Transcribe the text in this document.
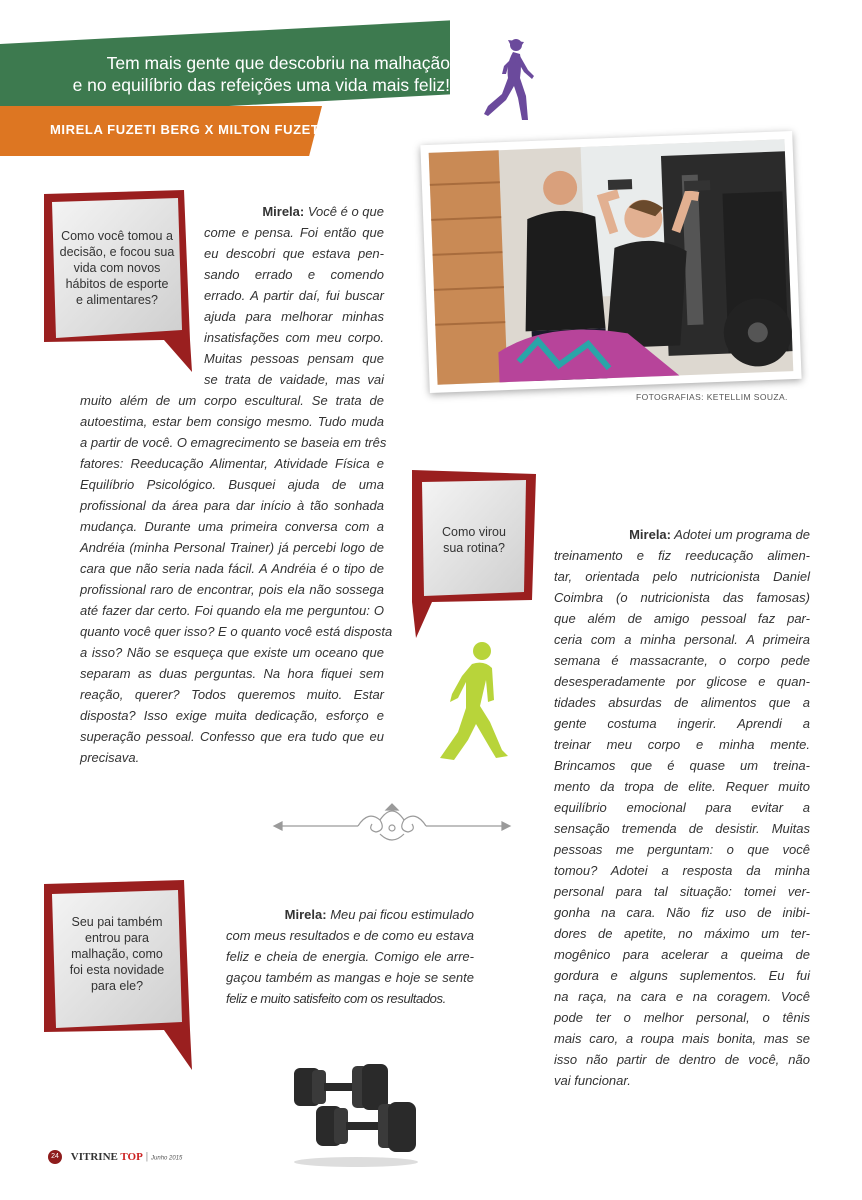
Tem mais gente que descobriu na malhação
e no equilíbrio das refeições uma vida mais feliz!
MIRELA FUZETI BERG X MILTON FUZETI
FOTOGRAFIAS: KETELLIM SOUZA.
Como você tomou a
decisão, e focou sua
vida com novos
hábitos de esporte
e alimentares?
Mirela: Você é o que
come e pensa. Foi então que
eu descobri que estava pen-
sando errado e comendo
errado. A partir daí, fui buscar
ajuda para melhorar minhas
insatisfações com meu corpo.
Muitas pessoas pensam que
se trata de vaidade, mas vai
muito além de um corpo escultural. Se trata de
autoestima, estar bem consigo mesmo. Tudo muda
a partir de você. O emagrecimento se baseia em três
fatores: Reeducação Alimentar, Atividade Física e
Equilíbrio Psicológico. Busquei ajuda de uma
profissional da área para dar início à tão sonhada
mudança. Durante uma primeira conversa com a
Andréia (minha Personal Trainer) já percebi logo de
cara que não seria nada fácil. A Andréia é o tipo de
profissional raro de encontrar, pois ela não sossega
até fazer dar certo. Foi quando ela me perguntou: O
quanto você quer isso? E o quanto você está disposta
a isso? Não se esqueça que existe um oceano que
separam as duas perguntas. Na hora fiquei sem
reação, querer? Todos queremos muito. Estar
disposta? Isso exige muita dedicação, esforço e
superação pessoal. Confesso que era tudo que eu
precisava.
Como virou
sua rotina?
Mirela: Adotei um programa de
treinamento e fiz reeducação alimen-
tar, orientada pelo nutricionista Daniel
Coimbra (o nutricionista das famosas)
que além de amigo pessoal faz par-
ceria com a minha personal. A primeira
semana é massacrante, o corpo pede
desesperadamente por glicose e quan-
tidades absurdas de alimentos que a
gente costuma ingerir. Aprendi a
treinar meu corpo e minha mente.
Brincamos que é quase um treina-
mento da tropa de elite. Requer muito
equilíbrio emocional para evitar a
sensação tremenda de desistir. Muitas
pessoas me perguntam: o que você
tomou? Adotei a resposta da minha
personal para tal situação: tomei ver-
gonha na cara. Não fiz uso de inibi-
dores de apetite, no máximo um ter-
mogênico para acelerar a queima de
gordura e alguns suplementos. Eu fui
na raça, na cara e na coragem. Você
pode ter o melhor personal, o tênis
mais caro, a roupa mais bonita, mas se
isso não partir de dentro de você, não
vai funcionar.
Seu pai também
entrou para
malhação, como
foi esta novidade
para ele?
Mirela: Meu pai ficou estimulado
com meus resultados e de como eu estava
feliz e cheia de energia. Comigo ele arre-
gaçou também as mangas e hoje se sente
feliz e muito satisfeito com os resultados.
24 VITRINE TOP | Junho 2015
